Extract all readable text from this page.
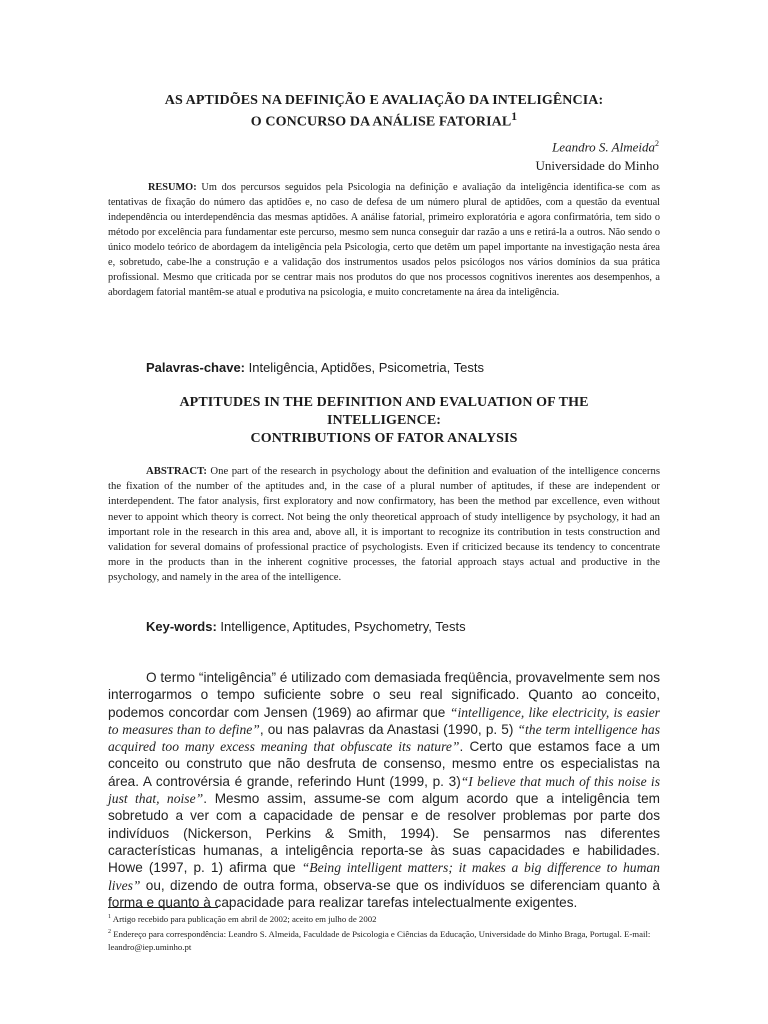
AS APTIDÕES NA DEFINIÇÃO E AVALIAÇÃO DA INTELIGÊNCIA:
O CONCURSO DA ANÁLISE FATORIAL$^1$
Leandro S. Almeida$^2$
Universidade do Minho
RESUMO: Um dos percursos seguidos pela Psicologia na definição e avaliação da inteligência identifica-se com as tentativas de fixação do número das aptidões e, no caso de defesa de um número plural de aptidões, com a questão da eventual independência ou interdependência das mesmas aptidões. A análise fatorial, primeiro exploratória e agora confirmatória, tem sido o método por excelência para fundamentar este percurso, mesmo sem nunca conseguir dar razão a uns e retirá-la a outros. Não sendo o único modelo teórico de abordagem da inteligência pela Psicologia, certo que detêm um papel importante na investigação nesta área e, sobretudo, cabe-lhe a construção e a validação dos instrumentos usados pelos psicólogos nos vários domínios da sua prática profissional. Mesmo que criticada por se centrar mais nos produtos do que nos processos cognitivos inerentes aos desempenhos, a abordagem fatorial mantêm-se atual e produtiva na psicologia, e muito concretamente na área da inteligência.
Palavras-chave: Inteligência, Aptidões, Psicometria, Tests
APTITUDES IN THE DEFINITION AND EVALUATION OF THE
INTELLIGENCE:
CONTRIBUTIONS OF FATOR ANALYSIS
ABSTRACT: One part of the research in psychology about the definition and evaluation of the intelligence concerns the fixation of the number of the aptitudes and, in the case of a plural number of aptitudes, if these are independent or interdependent. The fator analysis, first exploratory and now confirmatory, has been the method par excellence, even without never to appoint which theory is correct. Not being the only theoretical approach of study intelligence by psychology, it had an important role in the research in this area and, above all, it is important to recognize its contribution in tests construction and validation for several domains of professional practice of psychologists. Even if criticized because its tendency to concentrate more in the products than in the inherent cognitive processes, the fatorial approach stays actual and productive in the psychology, and namely in the area of the intelligence.
Key-words: Intelligence, Aptitudes, Psychometry, Tests
O termo “inteligência” é utilizado com demasiada freqüência, provavelmente sem nos interrogarmos o tempo suficiente sobre o seu real significado. Quanto ao conceito, podemos concordar com Jensen (1969) ao afirmar que “intelligence, like electricity, is easier to measures than to define”, ou nas palavras da Anastasi (1990, p. 5) “the term intelligence has acquired too many excess meaning that obfuscate its nature”. Certo que estamos face a um conceito ou construto que não desfruta de consenso, mesmo entre os especialistas na área. A controvérsia é grande, referindo Hunt (1999, p. 3)“I believe that much of this noise is just that, noise”. Mesmo assim, assume-se com algum acordo que a inteligência tem sobretudo a ver com a capacidade de pensar e de resolver problemas por parte dos indivíduos (Nickerson, Perkins & Smith, 1994). Se pensarmos nas diferentes características humanas, a inteligência reporta-se às suas capacidades e habilidades. Howe (1997, p. 1) afirma que “Being intelligent matters; it makes a big difference to human lives” ou, dizendo de outra forma, observa-se que os indivíduos se diferenciam quanto à forma e quanto à capacidade para realizar tarefas intelectualmente exigentes.
$^1$ Artigo recebido para publicação em abril de 2002; aceito em julho de 2002
$^2$ Endereço para correspondência: Leandro S. Almeida, Faculdade de Psicologia e Ciências da Educação, Universidade do Minho Braga, Portugal. E-mail: leandro@iep.uminho.pt
